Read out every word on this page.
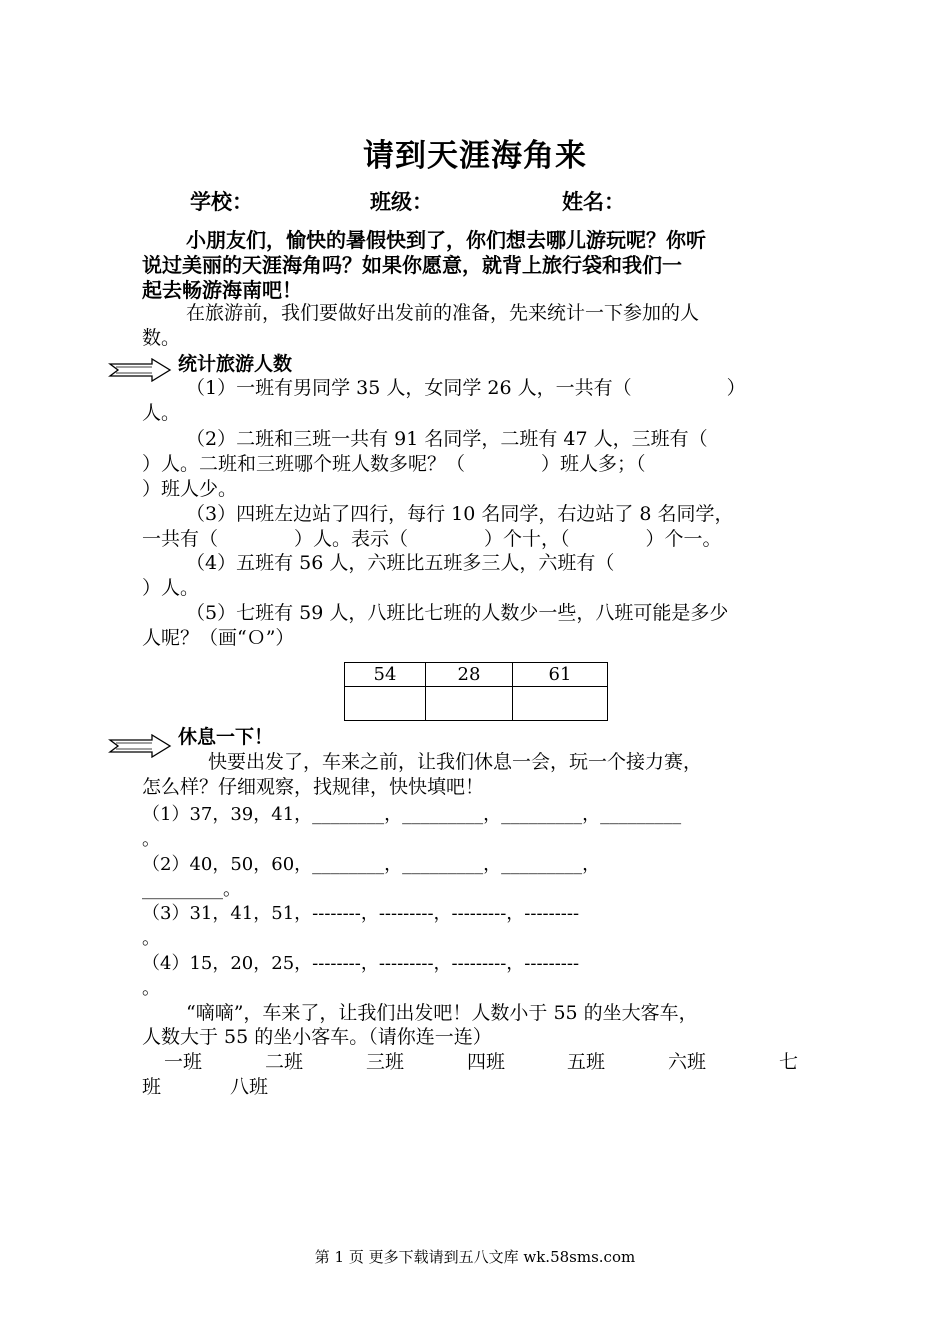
请到天涯海角来
学校：	班级：	姓名：
小朋友们，愉快的暑假快到了，你们想去哪儿游玩呢？你听
说过美丽的天涯海角吗？如果你愿意，就背上旅行袋和我们一
起去畅游海南吧！
在旅游前，我们要做好出发前的准备，先来统计一下参加的人
数。
统计旅游人数
（1）一班有男同学 35 人，女同学 26 人，一共有（　　　　　）
人。
（2）二班和三班一共有 91 名同学，二班有 47 人，三班有（
）人。二班和三班哪个班人数多呢？（　　　　）班人多；（
）班人少。
（3）四班左边站了四行，每行 10 名同学，右边站了 8 名同学，
一共有（　　　　）人。表示（　　　　）个十，（　　　　）个一。
（4）五班有 56 人，六班比五班多三人，六班有（
）人。
（5）七班有 59 人，八班比七班的人数少一些，八班可能是多少
人呢？（画“Ｏ”）
54	28	61

休息一下！
快要出发了，车来之前，让我们休息一会，玩一个接力赛，
怎么样？仔细观察，找规律，快快填吧！
（1）37，39，41，________，_________，_________，_________
。
（2）40，50，60，________，_________，_________，
_________。
（3）31，41，51，--------，---------，---------，---------
。
（4）15，20，25，--------，---------，---------，---------
。
“嘀嘀”，车来了，让我们出发吧！人数小于 55 的坐大客车，
人数大于 55 的坐小客车。（请你连一连）
一班	二班	三班	四班	五班	六班	七
班	八班
第 1 页 更多下载请到五八文库 wk.58sms.com
